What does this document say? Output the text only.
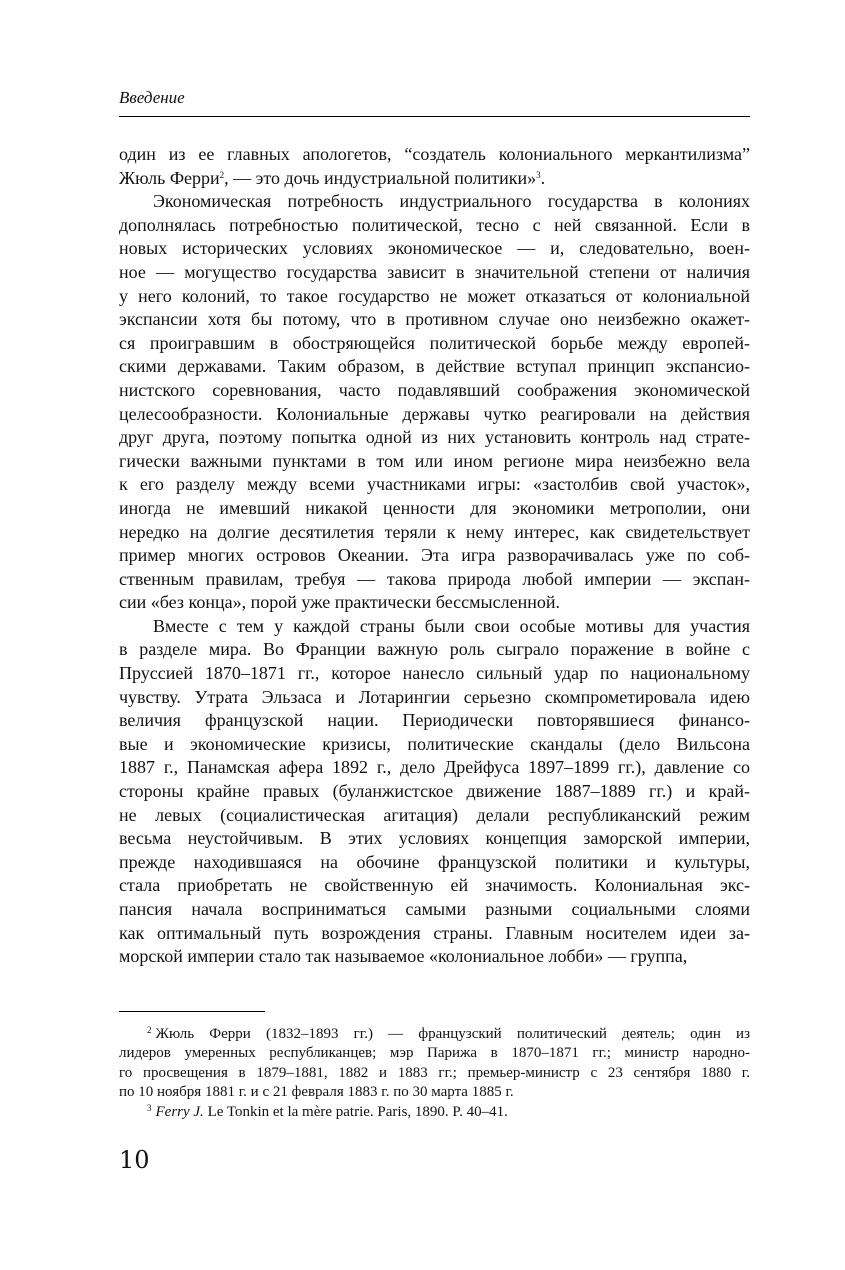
Введение

один из ее главных апологетов, “создатель колониального меркантилизма”
Жюль Ферри$^2$, — это дочь индустриальной политики»$^3$.

Экономическая потребность индустриального государства в колониях
дополнялась потребностью политической, тесно с ней связанной. Если в
новых исторических условиях экономическое — и, следовательно, воен-
ное — могущество государства зависит в значительной степени от наличия
у него колоний, то такое государство не может отказаться от колониальной
экспансии хотя бы потому, что в противном случае оно неизбежно окажет-
ся проигравшим в обостряющейся политической борьбе между европей-
скими державами. Таким образом, в действие вступал принцип экспансио-
нистского соревнования, часто подавлявший соображения экономической
целесообразности. Колониальные державы чутко реагировали на действия
друг друга, поэтому попытка одной из них установить контроль над страте-
гически важными пунктами в том или ином регионе мира неизбежно вела
к его разделу между всеми участниками игры: «застолбив свой участок»,
иногда не имевший никакой ценности для экономики метрополии, они
нередко на долгие десятилетия теряли к нему интерес, как свидетельствует
пример многих островов Океании. Эта игра разворачивалась уже по соб-
ственным правилам, требуя — такова природа любой империи — экспан-
сии «без конца», порой уже практически бессмысленной.

Вместе с тем у каждой страны были свои особые мотивы для участия
в разделе мира. Во Франции важную роль сыграло поражение в войне с
Пруссией 1870–1871 гг., которое нанесло сильный удар по национальному
чувству. Утрата Эльзаса и Лотарингии серьезно скомпрометировала идею
величия французской нации. Периодически повторявшиеся финансо-
вые и экономические кризисы, политические скандалы (дело Вильсона
1887 г., Панамская афера 1892 г., дело Дрейфуса 1897–1899 гг.), давление со
стороны крайне правых (буланжистское движение 1887–1889 гг.) и край-
не левых (социалистическая агитация) делали республиканский режим
весьма неустойчивым. В этих условиях концепция заморской империи,
прежде находившаяся на обочине французской политики и культуры,
стала приобретать не свойственную ей значимость. Колониальная экс-
пансия начала восприниматься самыми разными социальными слоями
как оптимальный путь возрождения страны. Главным носителем идеи за-
морской империи стало так называемое «колониальное лобби» — группа,

$^2$ Жюль Ферри (1832–1893 гг.) — французский политический деятель; один из
лидеров умеренных республиканцев; мэр Парижа в 1870–1871 гг.; министр народно-
го просвещения в 1879–1881, 1882 и 1883 гг.; премьер-министр с 23 сентября 1880 г.
по 10 ноября 1881 г. и с 21 февраля 1883 г. по 30 марта 1885 г.
$^3$ Ferry J. Le Tonkin et la mère patrie. Paris, 1890. P. 40–41.
10
